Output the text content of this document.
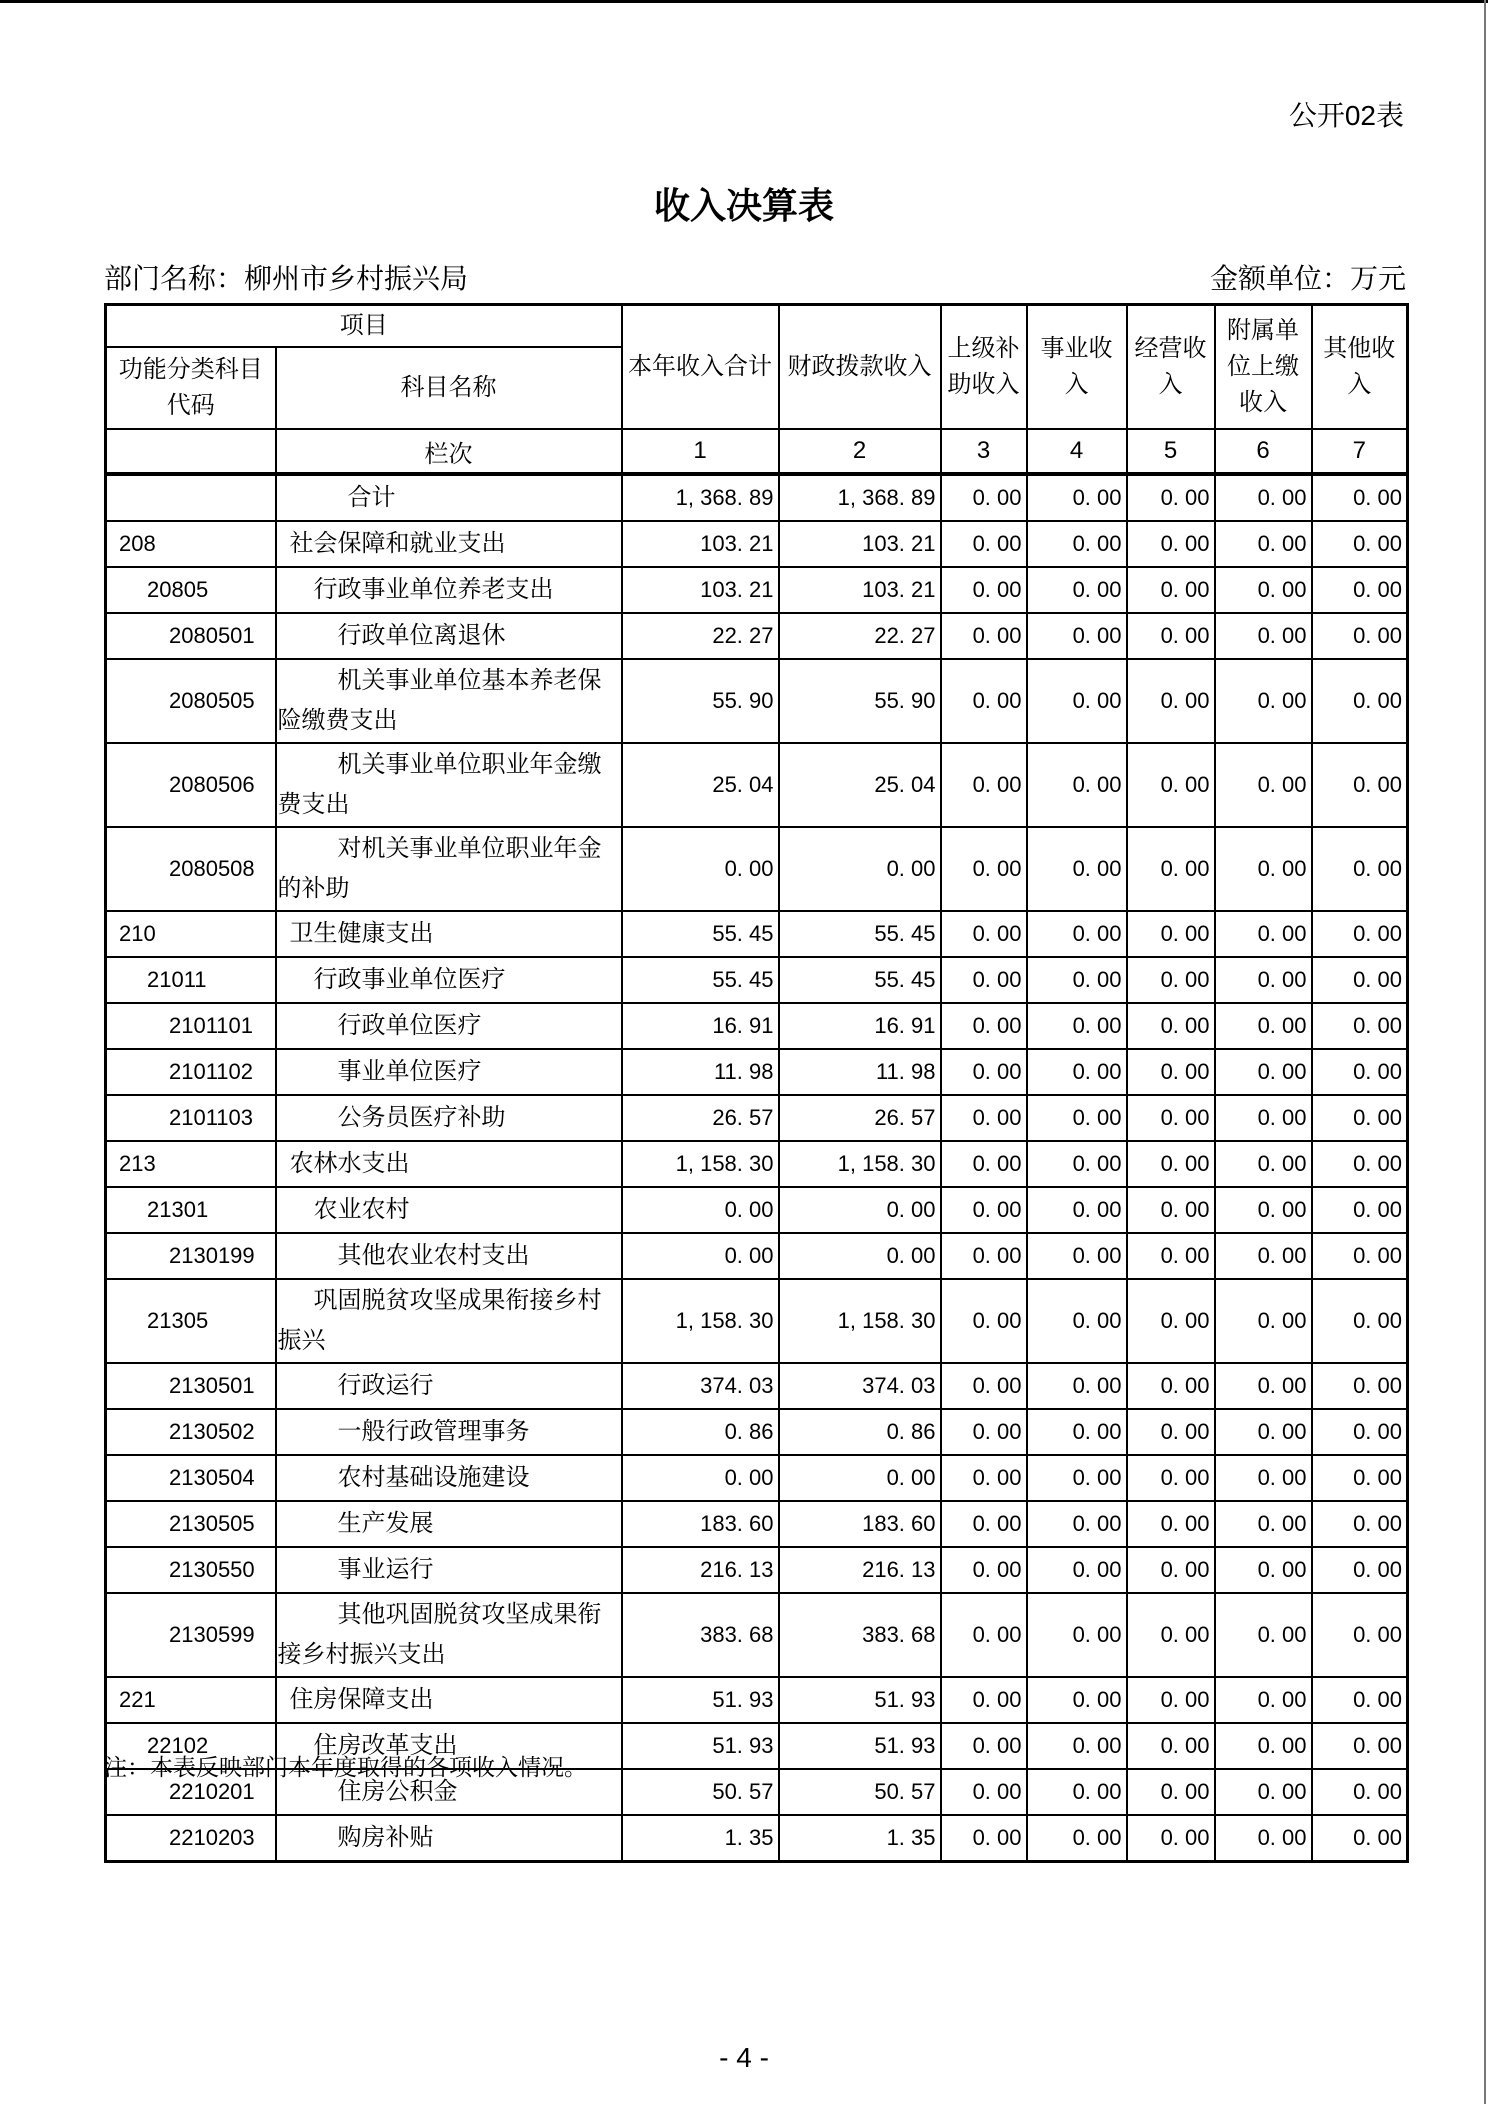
公开02表
收入决算表
部门名称：柳州市乡村振兴局	金额单位：万元
项目		本年收入合计	财政拨款收入	上级补助收入	事业收入	经营收入	附属单位上缴收入	其他收入
功能分类科目代码	科目名称							
	栏次	1	2	3	4	5	6	7
	合计	1, 368. 89	1, 368. 89	0. 00	0. 00	0. 00	0. 00	0. 00
208	社会保障和就业支出	103. 21	103. 21	0. 00	0. 00	0. 00	0. 00	0. 00
20805	行政事业单位养老支出	103. 21	103. 21	0. 00	0. 00	0. 00	0. 00	0. 00
2080501	行政单位离退休	22. 27	22. 27	0. 00	0. 00	0. 00	0. 00	0. 00
2080505	机关事业单位基本养老保险缴费支出	55. 90	55. 90	0. 00	0. 00	0. 00	0. 00	0. 00
2080506	机关事业单位职业年金缴费支出	25. 04	25. 04	0. 00	0. 00	0. 00	0. 00	0. 00
2080508	对机关事业单位职业年金的补助	0. 00	0. 00	0. 00	0. 00	0. 00	0. 00	0. 00
210	卫生健康支出	55. 45	55. 45	0. 00	0. 00	0. 00	0. 00	0. 00
21011	行政事业单位医疗	55. 45	55. 45	0. 00	0. 00	0. 00	0. 00	0. 00
2101101	行政单位医疗	16. 91	16. 91	0. 00	0. 00	0. 00	0. 00	0. 00
2101102	事业单位医疗	11. 98	11. 98	0. 00	0. 00	0. 00	0. 00	0. 00
2101103	公务员医疗补助	26. 57	26. 57	0. 00	0. 00	0. 00	0. 00	0. 00
213	农林水支出	1, 158. 30	1, 158. 30	0. 00	0. 00	0. 00	0. 00	0. 00
21301	农业农村	0. 00	0. 00	0. 00	0. 00	0. 00	0. 00	0. 00
2130199	其他农业农村支出	0. 00	0. 00	0. 00	0. 00	0. 00	0. 00	0. 00
21305	巩固脱贫攻坚成果衔接乡村振兴	1, 158. 30	1, 158. 30	0. 00	0. 00	0. 00	0. 00	0. 00
2130501	行政运行	374. 03	374. 03	0. 00	0. 00	0. 00	0. 00	0. 00
2130502	一般行政管理事务	0. 86	0. 86	0. 00	0. 00	0. 00	0. 00	0. 00
2130504	农村基础设施建设	0. 00	0. 00	0. 00	0. 00	0. 00	0. 00	0. 00
2130505	生产发展	183. 60	183. 60	0. 00	0. 00	0. 00	0. 00	0. 00
2130550	事业运行	216. 13	216. 13	0. 00	0. 00	0. 00	0. 00	0. 00
2130599	其他巩固脱贫攻坚成果衔接乡村振兴支出	383. 68	383. 68	0. 00	0. 00	0. 00	0. 00	0. 00
221	住房保障支出	51. 93	51. 93	0. 00	0. 00	0. 00	0. 00	0. 00
22102	住房改革支出	51. 93	51. 93	0. 00	0. 00	0. 00	0. 00	0. 00
2210201	住房公积金	50. 57	50. 57	0. 00	0. 00	0. 00	0. 00	0. 00
2210203	购房补贴	1. 35	1. 35	0. 00	0. 00	0. 00	0. 00	0. 00
注：本表反映部门本年度取得的各项收入情况。
- 4 -
